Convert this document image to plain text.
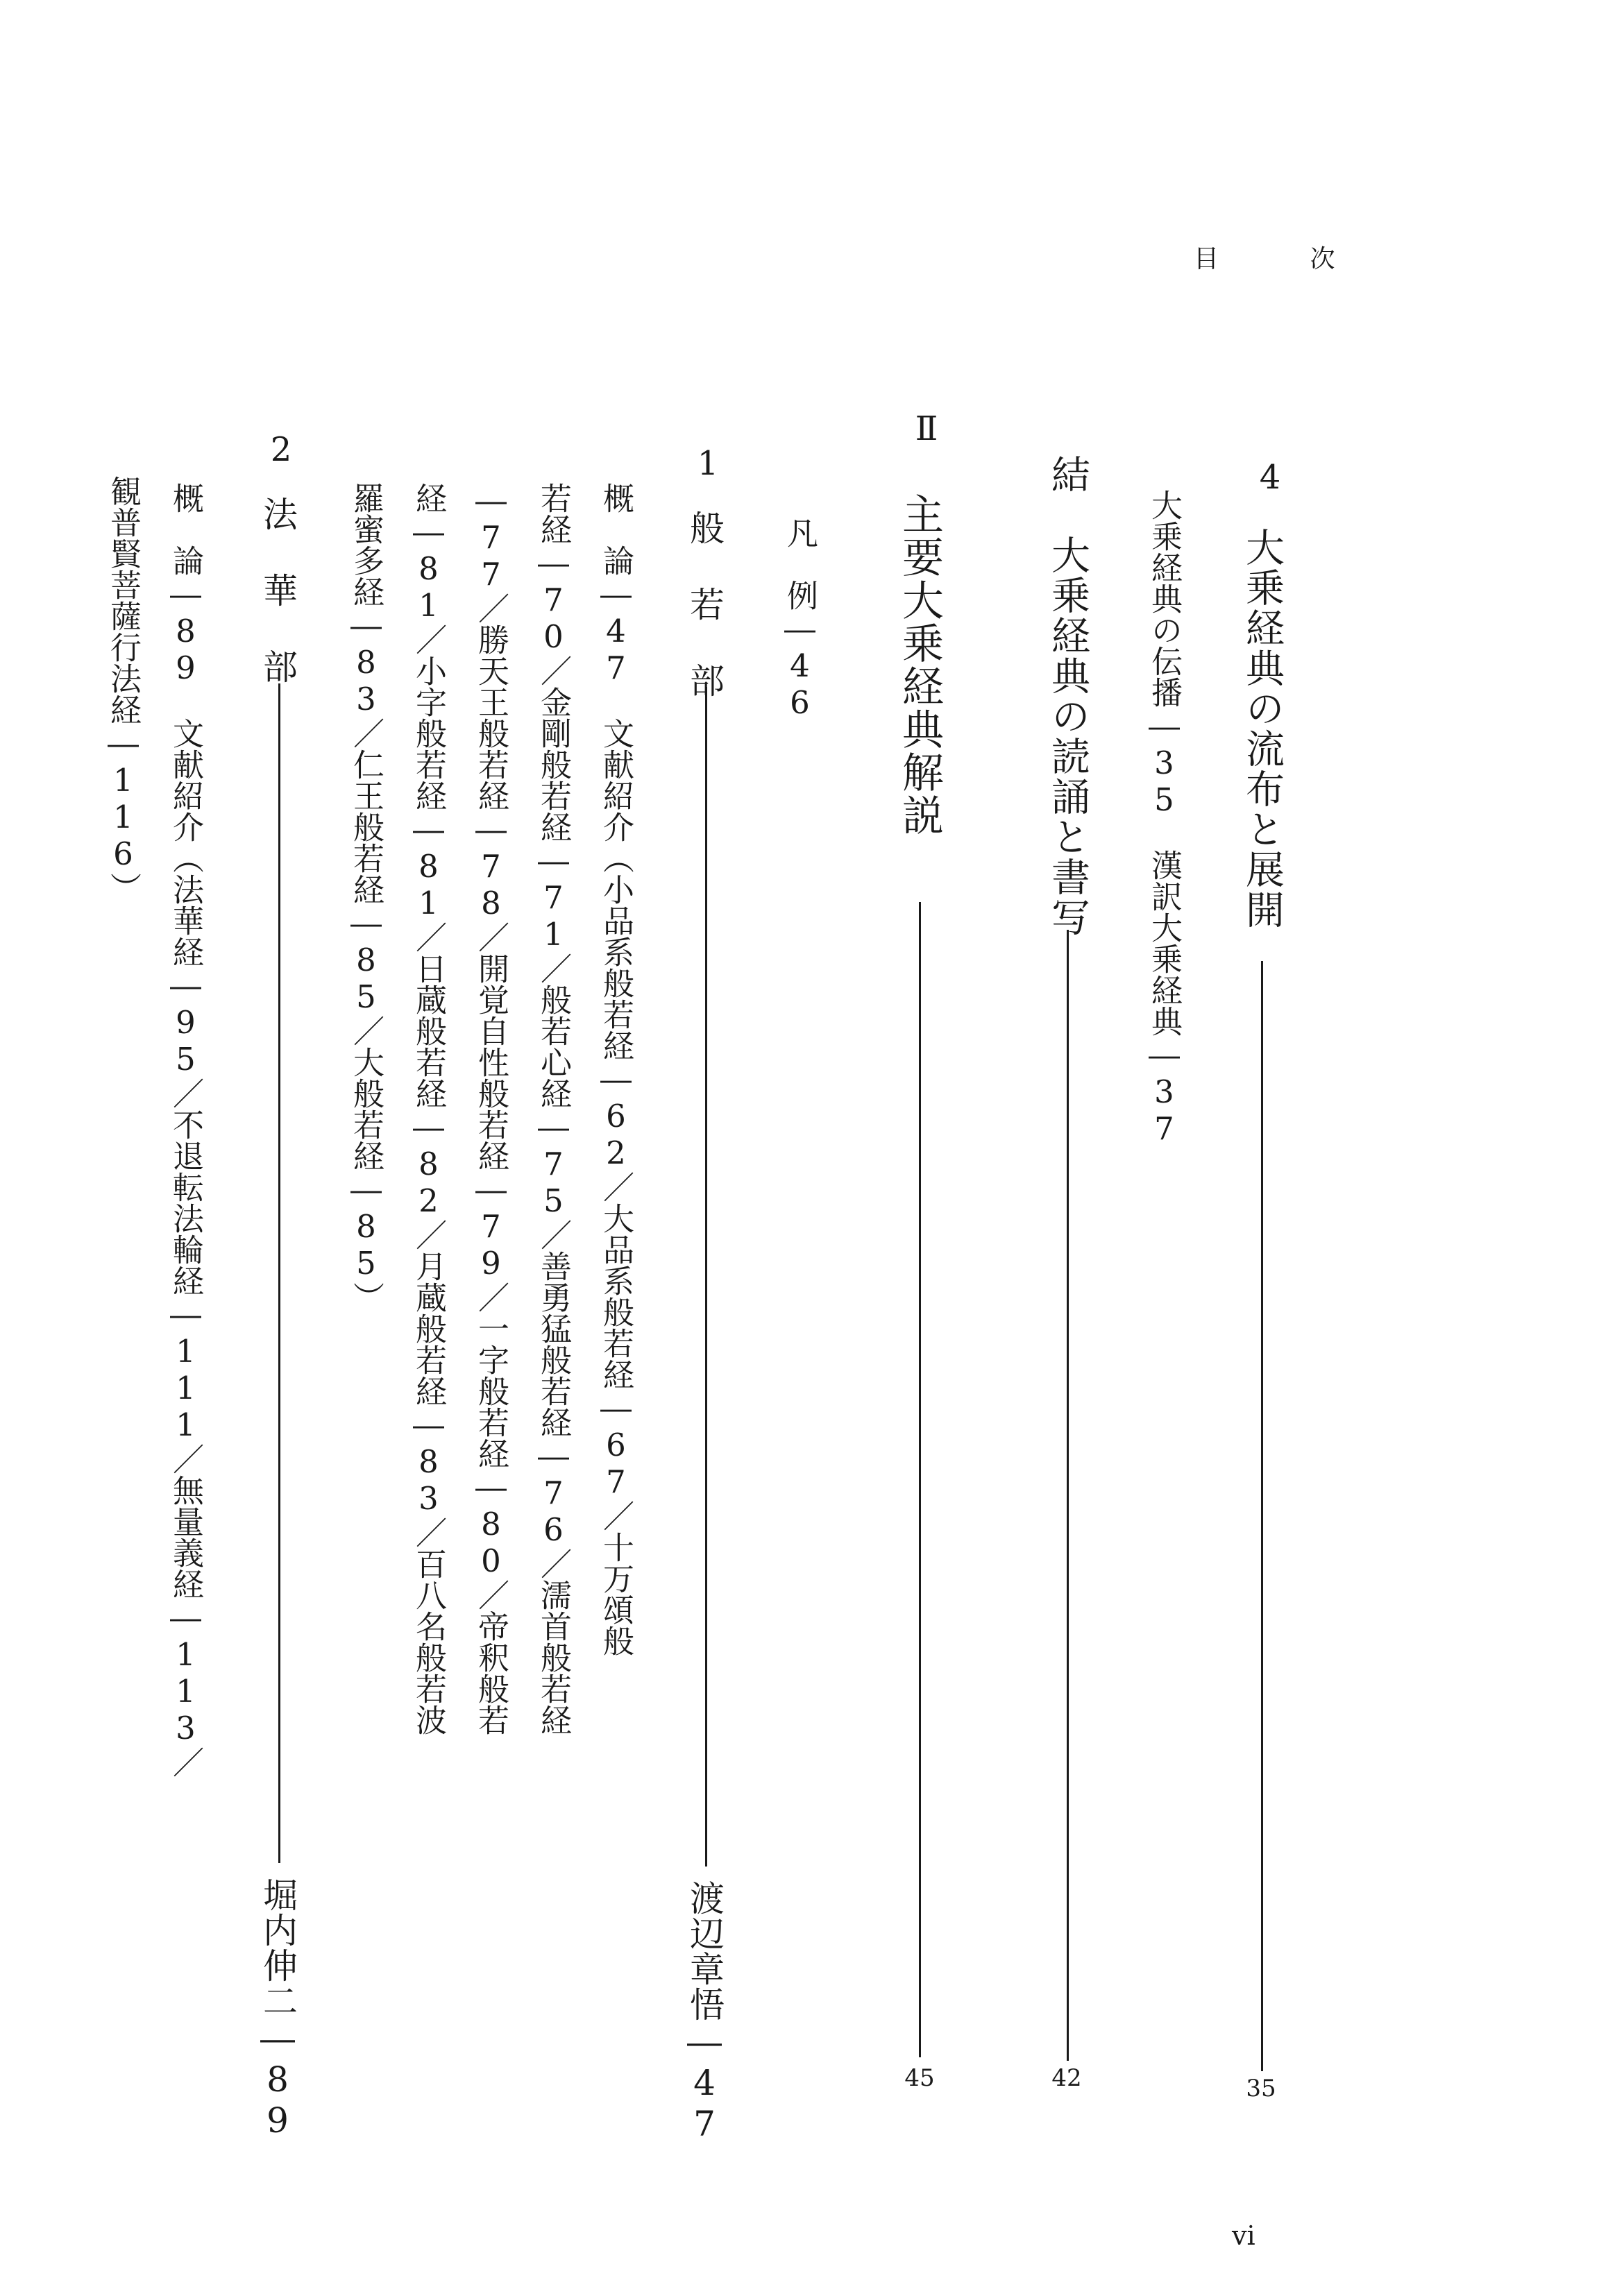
目 次
4
大乗経典の流布と展開
35
大乗経典の伝播―35　漢訳大乗経典―37
結　大乗経典の読誦と書写
42
Ⅱ
主要大乗経典解説
45
凡　例―46
1
般 若 部
渡辺章悟―47
概　論―47　文献紹介（小品系般若経―62／大品系般若経―67／十万頌般
若経―70／金剛般若経―71／般若心経―75／善勇猛般若経―76／濡首般若経
―77／勝天王般若経―78／開覚自性般若経―79／一字般若経―80／帝釈般若
経―81／小字般若経―81／日蔵般若経―82／月蔵般若経―83／百八名般若波
羅蜜多経―83／仁王般若経―85／大般若経―85）
2
法 華 部
堀内伸二―89
概　論―89　文献紹介（法華経―95／不退転法輪経―111／無量義経―113／
観普賢菩薩行法経―116）
vi
